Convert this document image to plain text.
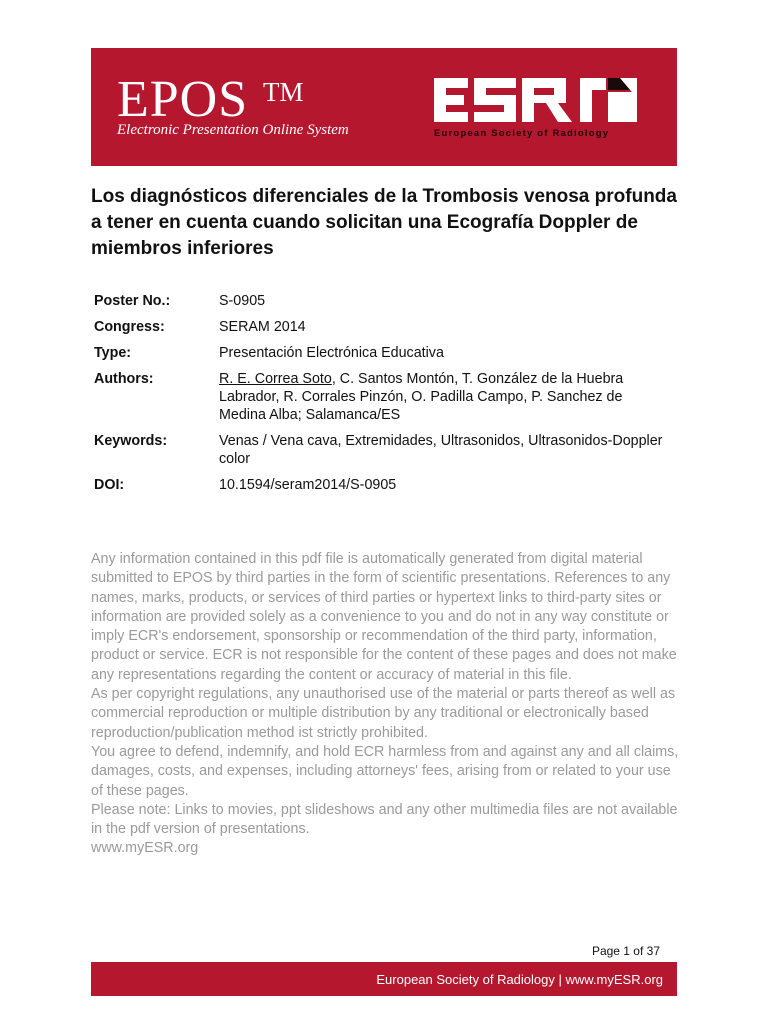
EPOS TM
Electronic Presentation Online System	European Society of Radiology
Los diagnósticos diferenciales de la Trombosis venosa profunda a tener en cuenta cuando solicitan una Ecografía Doppler de miembros inferiores
Poster No.:	S-0905
Congress:	SERAM 2014
Type:	Presentación Electrónica Educativa
Authors:	R. E. Correa Soto, C. Santos Montón, T. González de la Huebra Labrador, R. Corrales Pinzón, O. Padilla Campo, P. Sanchez de Medina Alba; Salamanca/ES
Keywords:	Venas / Vena cava, Extremidades, Ultrasonidos, Ultrasonidos-Doppler color
DOI:	10.1594/seram2014/S-0905

Any information contained in this pdf file is automatically generated from digital material submitted to EPOS by third parties in the form of scientific presentations. References to any names, marks, products, or services of third parties or hypertext links to third-party sites or information are provided solely as a convenience to you and do not in any way constitute or imply ECR's endorsement, sponsorship or recommendation of the third party, information, product or service. ECR is not responsible for the content of these pages and does not make any representations regarding the content or accuracy of material in this file.

As per copyright regulations, any unauthorised use of the material or parts thereof as well as commercial reproduction or multiple distribution by any traditional or electronically based reproduction/publication method ist strictly prohibited.

You agree to defend, indemnify, and hold ECR harmless from and against any and all claims, damages, costs, and expenses, including attorneys' fees, arising from or related to your use of these pages.

Please note: Links to movies, ppt slideshows and any other multimedia files are not available in the pdf version of presentations.

www.myESR.org

Page 1 of 37
European Society of Radiology | www.myESR.org
